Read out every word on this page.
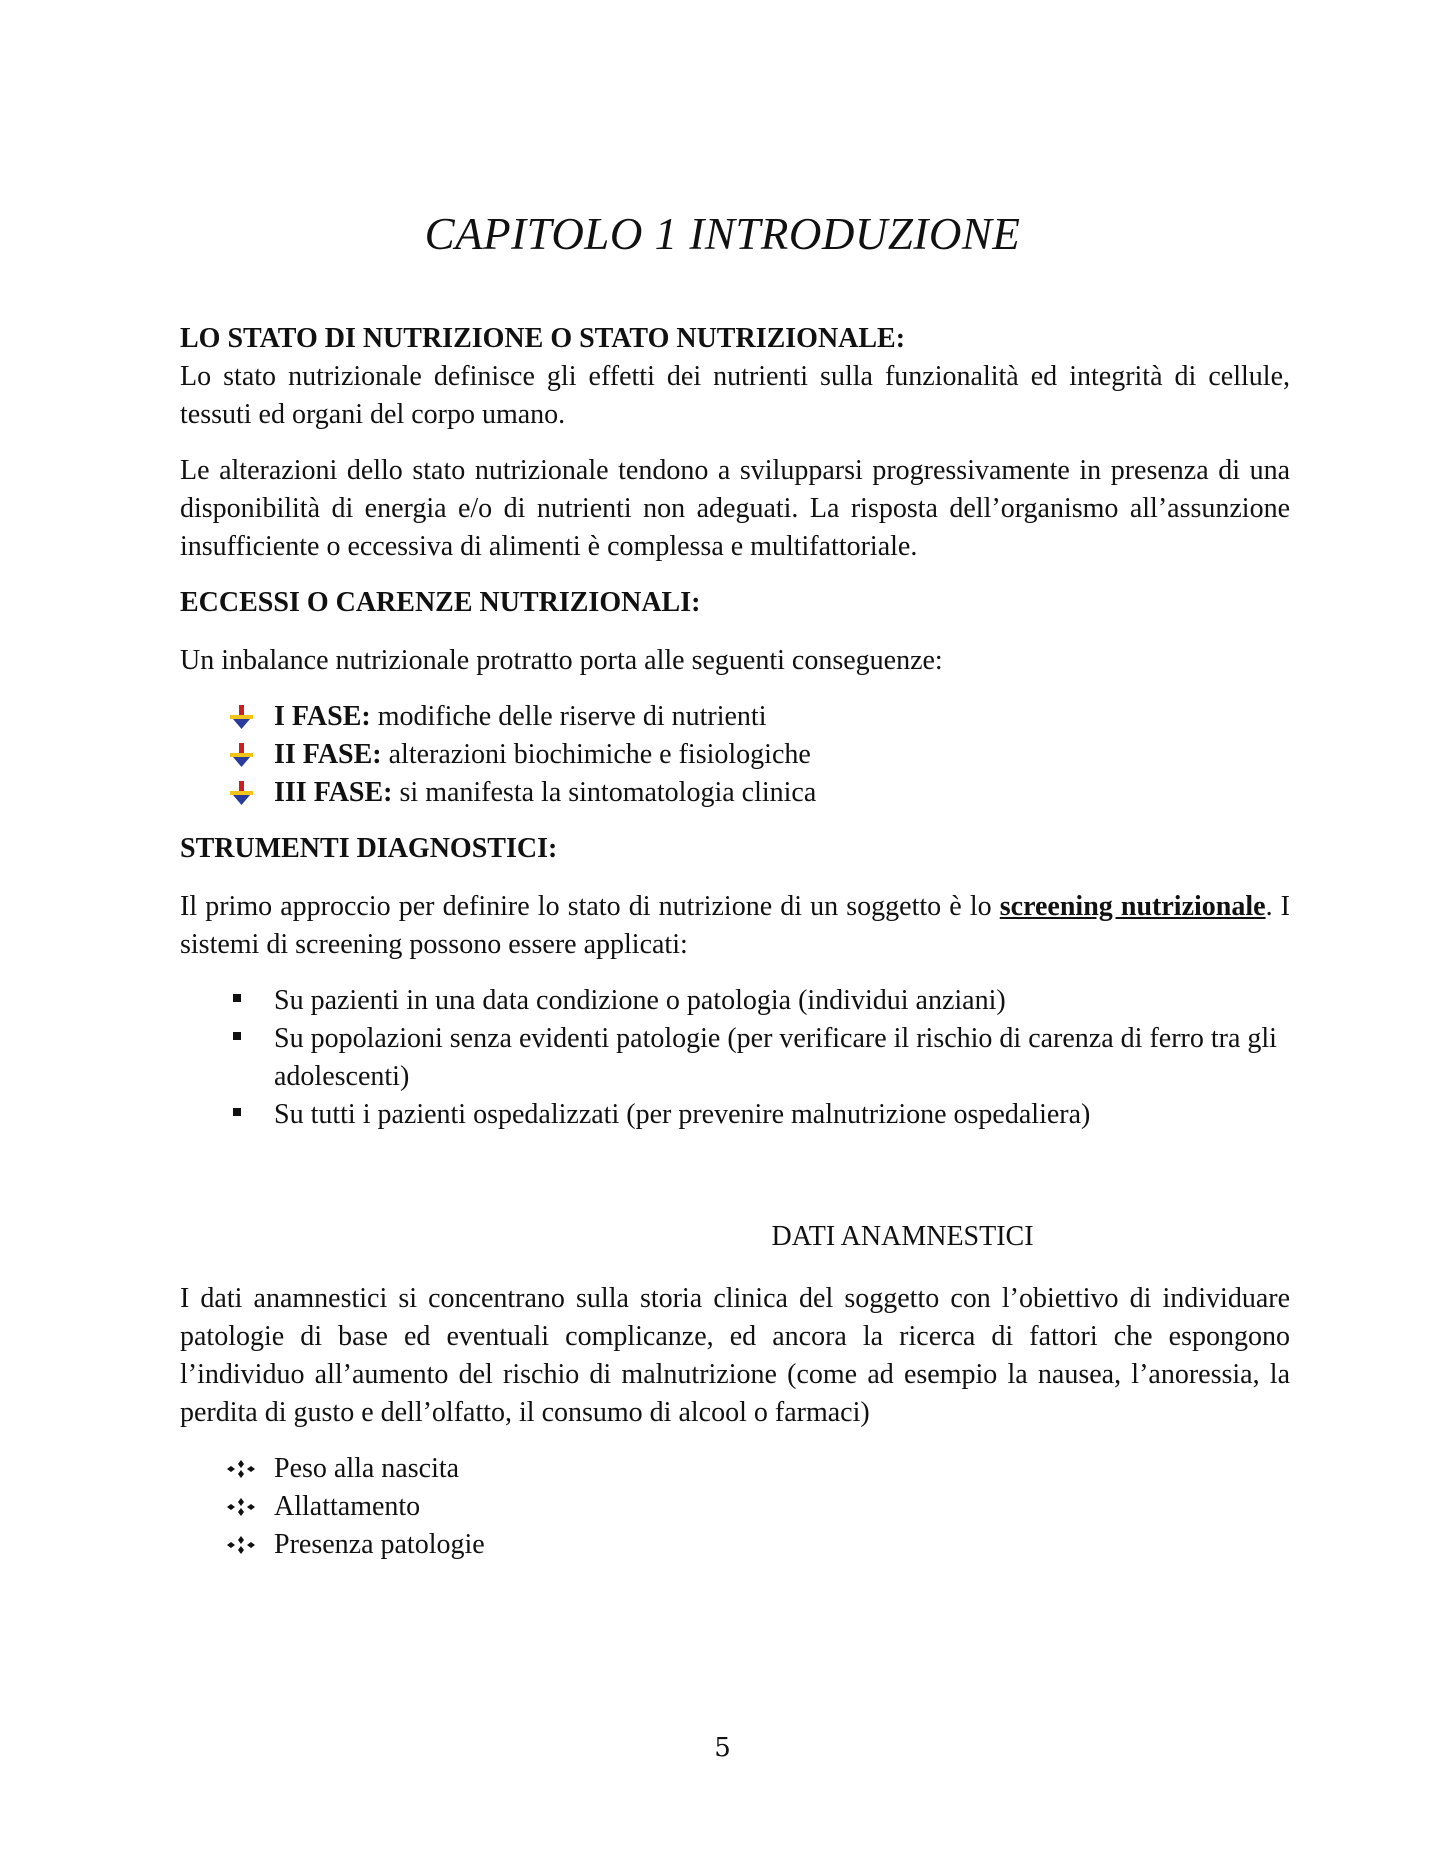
CAPITOLO 1 INTRODUZIONE
LO STATO DI NUTRIZIONE O STATO NUTRIZIONALE:

Lo stato nutrizionale definisce gli effetti dei nutrienti sulla funzionalità ed integrità di cellule, tessuti ed organi del corpo umano.

Le alterazioni dello stato nutrizionale tendono a svilupparsi progressivamente in presenza di una disponibilità di energia e/o di nutrienti non adeguati. La risposta dell’organismo all’assunzione insufficiente o eccessiva di alimenti è complessa e multifattoriale.

ECCESSI O CARENZE NUTRIZIONALI:

Un inbalance nutrizionale protratto porta alle seguenti conseguenze:

I FASE: modifiche delle riserve di nutrienti
II FASE: alterazioni biochimiche e fisiologiche
III FASE: si manifesta la sintomatologia clinica
STRUMENTI DIAGNOSTICI:

Il primo approccio per definire lo stato di nutrizione di un soggetto è lo screening nutrizionale. I sistemi di screening possono essere applicati:

Su pazienti in una data condizione o patologia (individui anziani)
Su popolazioni senza evidenti patologie (per verificare il rischio di carenza di ferro tra gli adolescenti)
Su tutti i pazienti ospedalizzati (per prevenire malnutrizione ospedaliera)

DATI ANAMNESTICI

I dati anamnestici si concentrano sulla storia clinica del soggetto con l’obiettivo di individuare patologie di base ed eventuali complicanze, ed ancora la ricerca di fattori che espongono l’individuo all’aumento del rischio di malnutrizione (come ad esempio la nausea, l’anoressia, la perdita di gusto e dell’olfatto, il consumo di alcool o farmaci)

Peso alla nascita
Allattamento
Presenza patologie
5
